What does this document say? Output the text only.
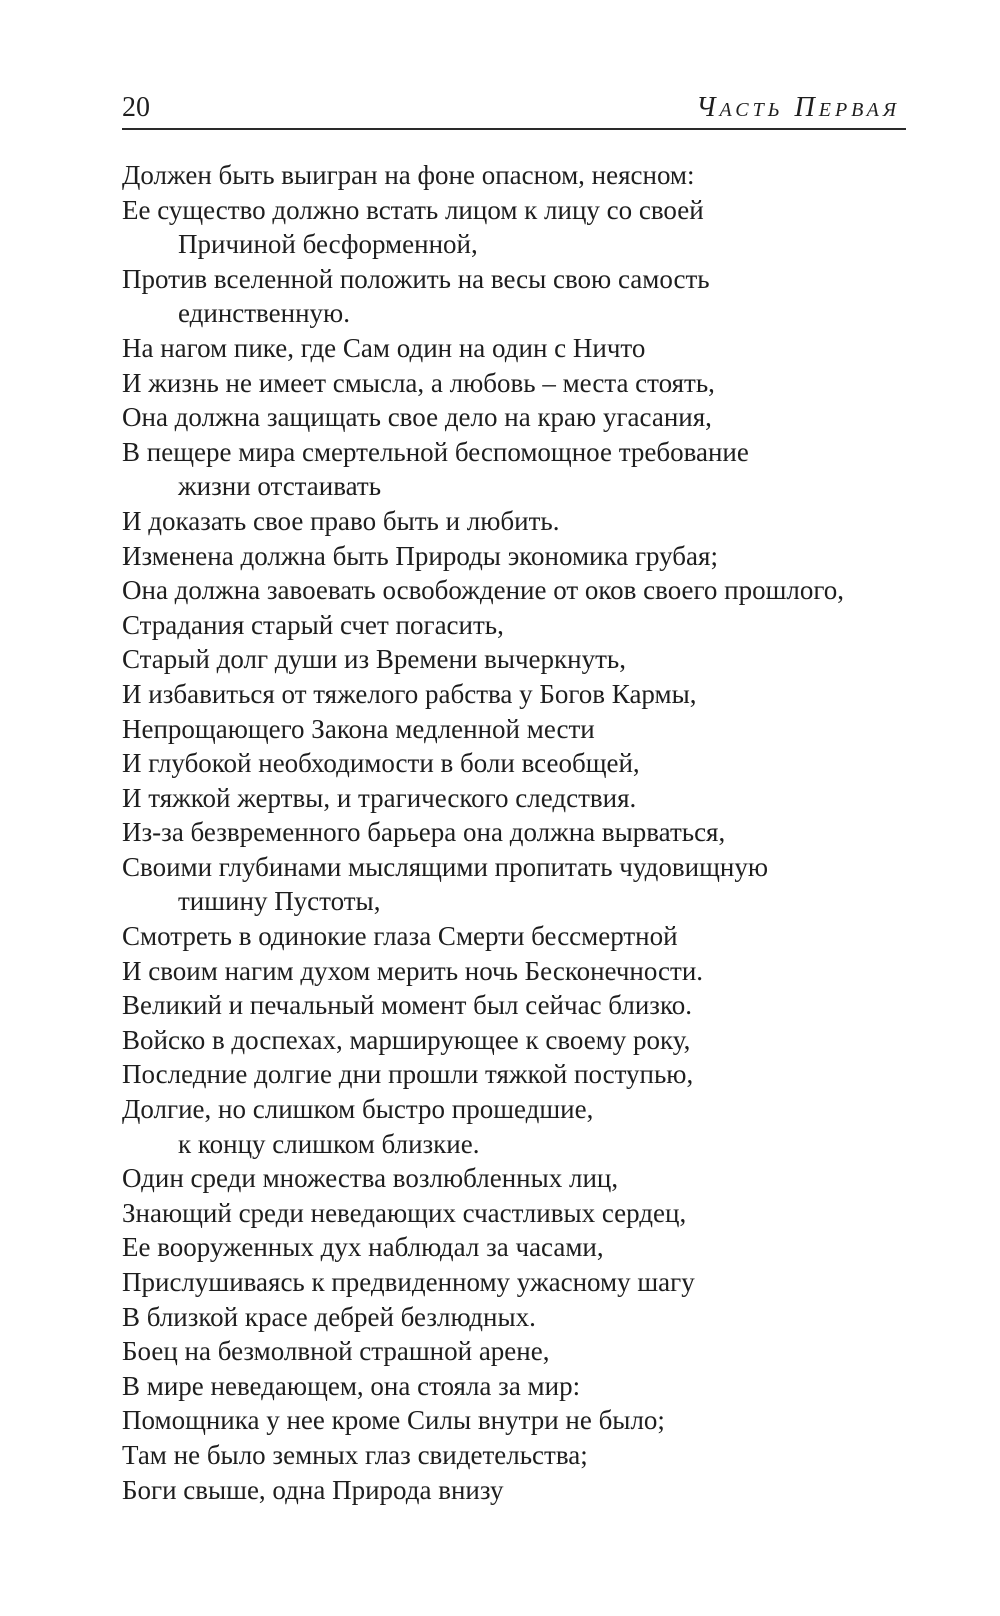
20	Часть Первая
Должен быть выигран на фоне опасном, неясном:
Ее существо должно встать лицом к лицу со своей
Причиной бесформенной,
Против вселенной положить на весы свою самость
единственную.
На нагом пике, где Сам один на один с Ничто
И жизнь не имеет смысла, а любовь – места стоять,
Она должна защищать свое дело на краю угасания,
В пещере мира смертельной беспомощное требование
жизни отстаивать
И доказать свое право быть и любить.
Изменена должна быть Природы экономика грубая;
Она должна завоевать освобождение от оков своего прошлого,
Страдания старый счет погасить,
Старый долг души из Времени вычеркнуть,
И избавиться от тяжелого рабства у Богов Кармы,
Непрощающего Закона медленной мести
И глубокой необходимости в боли всеобщей,
И тяжкой жертвы, и трагического следствия.
Из-за безвременного барьера она должна вырваться,
Своими глубинами мыслящими пропитать чудовищную
тишину Пустоты,
Смотреть в одинокие глаза Смерти бессмертной
И своим нагим духом мерить ночь Бесконечности.
Великий и печальный момент был сейчас близко.
Войско в доспехах, марширующее к своему року,
Последние долгие дни прошли тяжкой поступью,
Долгие, но слишком быстро прошедшие,
к концу слишком близкие.
Один среди множества возлюбленных лиц,
Знающий среди неведающих счастливых сердец,
Ее вооруженных дух наблюдал за часами,
Прислушиваясь к предвиденному ужасному шагу
В близкой красе дебрей безлюдных.
Боец на безмолвной страшной арене,
В мире неведающем, она стояла за мир:
Помощника у нее кроме Силы внутри не было;
Там не было земных глаз свидетельства;
Боги свыше, одна Природа внизу
